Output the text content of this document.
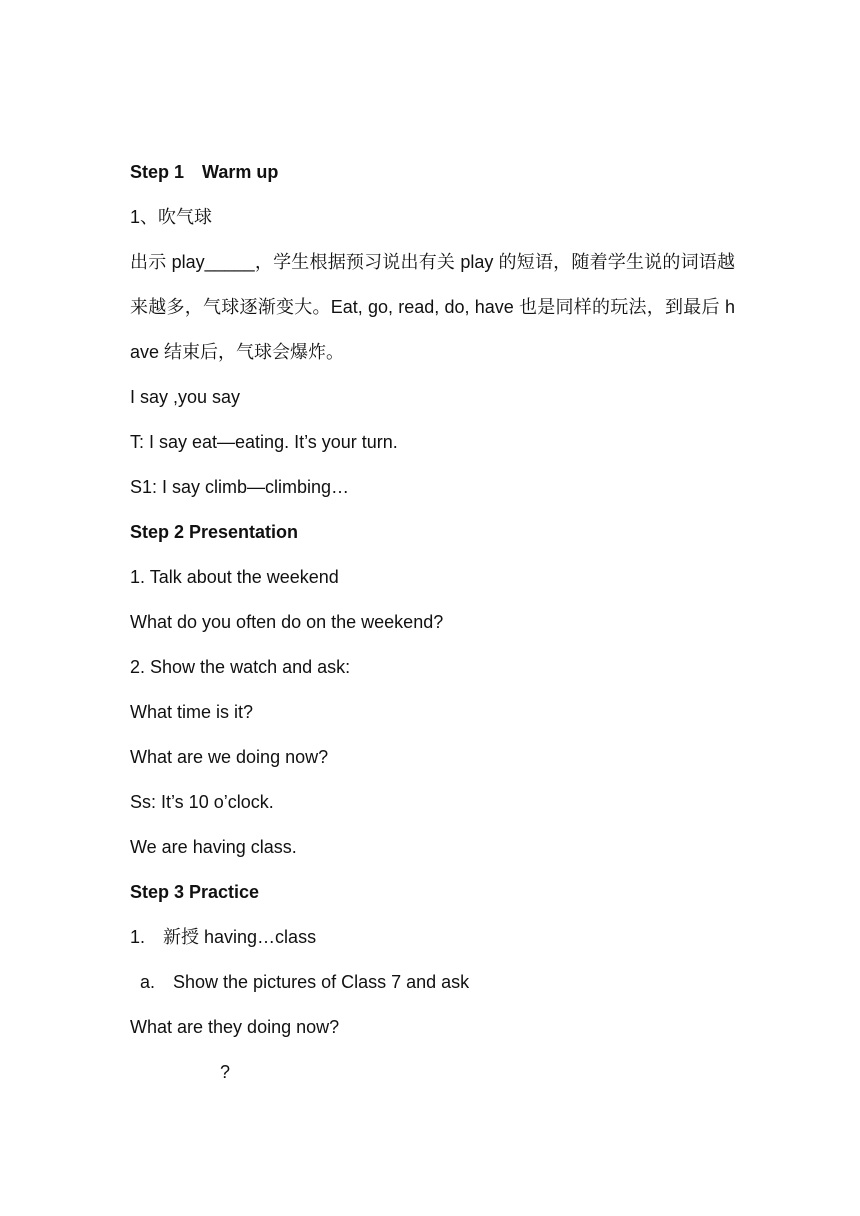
Step 1　Warm up
1、吹气球
出示 play_____，学生根据预习说出有关 play 的短语，随着学生说的词语越来越多，气球逐渐变大。Eat, go, read, do, have 也是同样的玩法，到最后 have 结束后，气球会爆炸。
I say ,you say
T: I say eat—eating. It’s your turn.
S1: I say climb—climbing…
Step 2 Presentation
1. Talk about the weekend
What do you often do on the weekend?
2. Show the watch and ask:
What time is it?
What are we doing now?
Ss: It’s 10 o’clock.
We are having class.
Step 3 Practice
1.　新授 having…class
a.　Show the pictures of Class 7 and ask
What are they doing now?
?
